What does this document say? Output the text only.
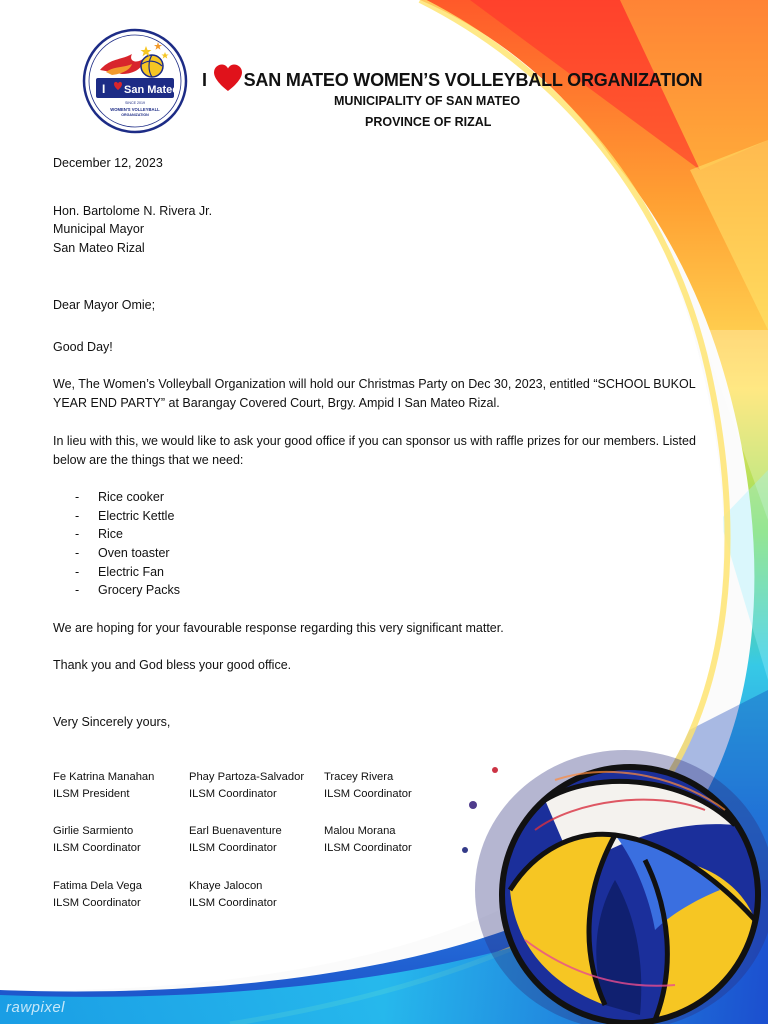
I San Mateo
SINCE 2019
WOMEN'S VOLLEYBALL
ORGANIZATION
I SAN MATEO WOMEN’S VOLLEYBALL ORGANIZATION
MUNICIPALITY OF SAN MATEO
PROVINCE OF RIZAL
December 12, 2023
Hon. Bartolome N. Rivera Jr.
Municipal Mayor
San Mateo Rizal
Dear Mayor Omie;
Good Day!
We, The Women’s Volleyball Organization will hold our Christmas Party on Dec 30, 2023, entitled “SCHOOL BUKOL YEAR END PARTY” at Barangay Covered Court, Brgy. Ampid I San Mateo Rizal.
In lieu with this, we would like to ask your good office if you can sponsor us with raffle prizes for our members. Listed below are the things that we need:
- Rice cooker
- Electric Kettle
- Rice
- Oven toaster
- Electric Fan
- Grocery Packs
We are hoping for your favourable response regarding this very significant matter.
Thank you and God bless your good office.
Very Sincerely yours,
Fe Katrina Manahan
ILSM President
Phay Partoza-Salvador
ILSM Coordinator
Tracey Rivera
ILSM Coordinator
Girlie Sarmiento
ILSM Coordinator
Earl Buenaventure
ILSM Coordinator
Malou Morana
ILSM Coordinator
Fatima Dela Vega
ILSM Coordinator
Khaye Jalocon
ILSM Coordinator
rawpixel
